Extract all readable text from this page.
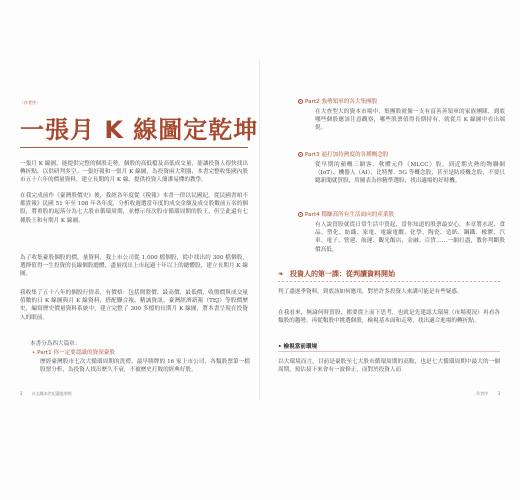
〔作者序〕
一張月 K 線圖定乾坤
一張月 K 線圖，能提供完整的個股走勢，個股的高低檔及高低成交量，能讓投資人很快找出轉折點，以供研判多空。一張好報和一張月 K 線圖，為投資兩大利器，本書完整收集國內股市五十六年的價量資料，建立長期的月 K 線，提供投資人簡潔易懂的教學。
在我完成前作《臺灣股價史》後，我經各年度從《稅報》本書一律以民國紀，從民國書咱不都貴報》民國 51 年至 108 年各年度，分析收週遭當年度的成交金額及成交股數前五名的個股，將重股的起落分為七大股市循環周期，並標示每次股市循環周期的股王，但呈此還有七種股王和有期月 K 線圖。
為了收集臺股個股的價，量資料，我上市公司從 1,000 檔個股，從中找出約 300 檔個股，選擇值得一生投資的長線個股總體，盡量找出上市起過十年以上的總體股，建立長期月 K 線圖。
我收集了五十八年的個股行情表，有價格：包括開盤價、最高價、最低價、收盤價與成交量值數的日 K 線圖與月 K 線資料，搭配聯合報、精誠資訊、臺灣經濟新報（TEJ）等股價歷史，編寫歷史價量資料系統中，建立完整了 300 多檔的長期月 K 線圖，將本書呈現在投資人的眼前。
本書分為四大篇章：
• Part1 你一定要認識的資深臺股
歷經臺灣股市七次大循環周期的洗禮，最早勝牌的 16 家上市公司，各類股票第一檔股票分析，為投資人找出歷久不衰，不被歷史打敗的經典好股。
2 社去概本世紀選股聖經
Part2 強勢領軍的各大集團股
在大查型大的資本市場中，集團股就像一支有富善善領軍的家族團隊，到底哪些個股應該注意觀察，哪些股票值得長期持有，就從月 K 線圖中看出端倪。
Part3 逼打加持熱度的各種概念股
從早期的蘋概三網客、軟體元件（MLCC）股，到近期火熱的物聯網（IoT）、機器人（AI）、比特幣、5G 等概念股，甚至是防疫概念股，不要只聽新聞就買股，用圖表為你精準選股，找出適場的好時機。
Part4 穩賺高所有生活面向的產業股
有人說買股就從日常生活中買起，當你知道的股票最安心，本章將水泥、食品、塑化、紡織、家電、電線電纜、化學、陶瓷、造紙、鋼鐵、橡膠、汽車、電子、營建、航運、觀光飯店、金融、百貨……一網打盡，教你判斷股價高低。
❧ 投資人的第一課：從判讀資料開始
判了盡逐季資料，到底該如何應用，對於許多投資人來講可能是有些疑惑。
在我看來，無論何時買股，都要從上而下思考，也就是先建認大環境（市場現況）再看各類股的趨勢，再從類股中挑選個股，檢視基本面和走勢，找出適合進場的轉折點。
• 檢視當前環境
以大環境而言，目前是臺股至七大股市循環周期的高點，也是七大循環周期中最大的一個周期，預估接下來會有一波修正，而對於投資人而
作者序 3
